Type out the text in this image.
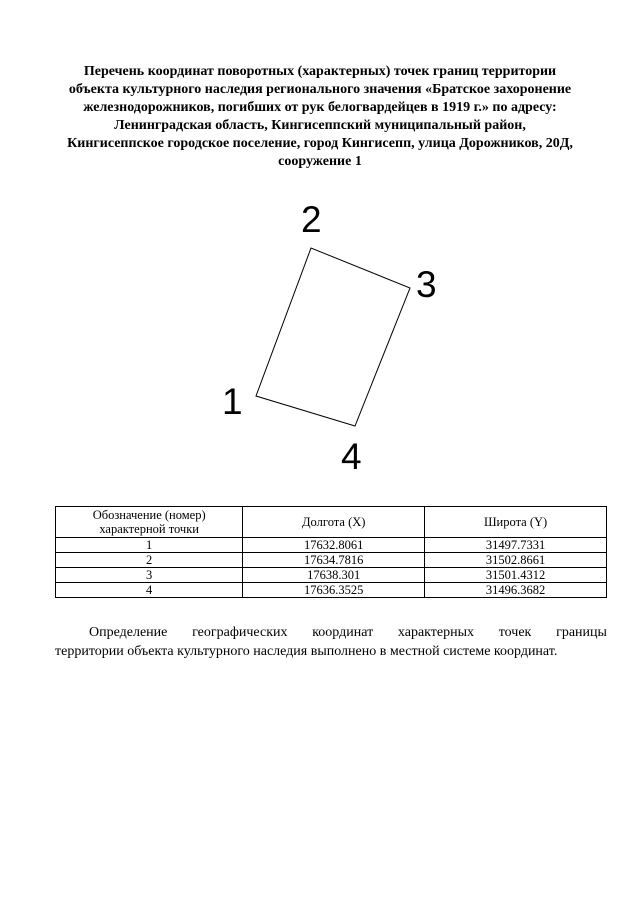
Перечень координат поворотных (характерных) точек границ территории
объекта культурного наследия регионального значения «Братское захоронение
железнодорожников, погибших от рук белогвардейцев в 1919 г.» по адресу:
Ленинградская область, Кингисеппский муниципальный район,
Кингисеппское городское поселение, город Кингисепп, улица Дорожников, 20Д,
сооружение 1
1
2
3
4
Обозначение (номер) характерной точки	Долгота (X)	Широта (Y)
1	17632.8061	31497.7331
2	17634.7816	31502.8661
3	17638.301	31501.4312
4	17636.3525	31496.3682
Определение географических координат характерных точек границы
территории объекта культурного наследия выполнено в местной системе координат.
